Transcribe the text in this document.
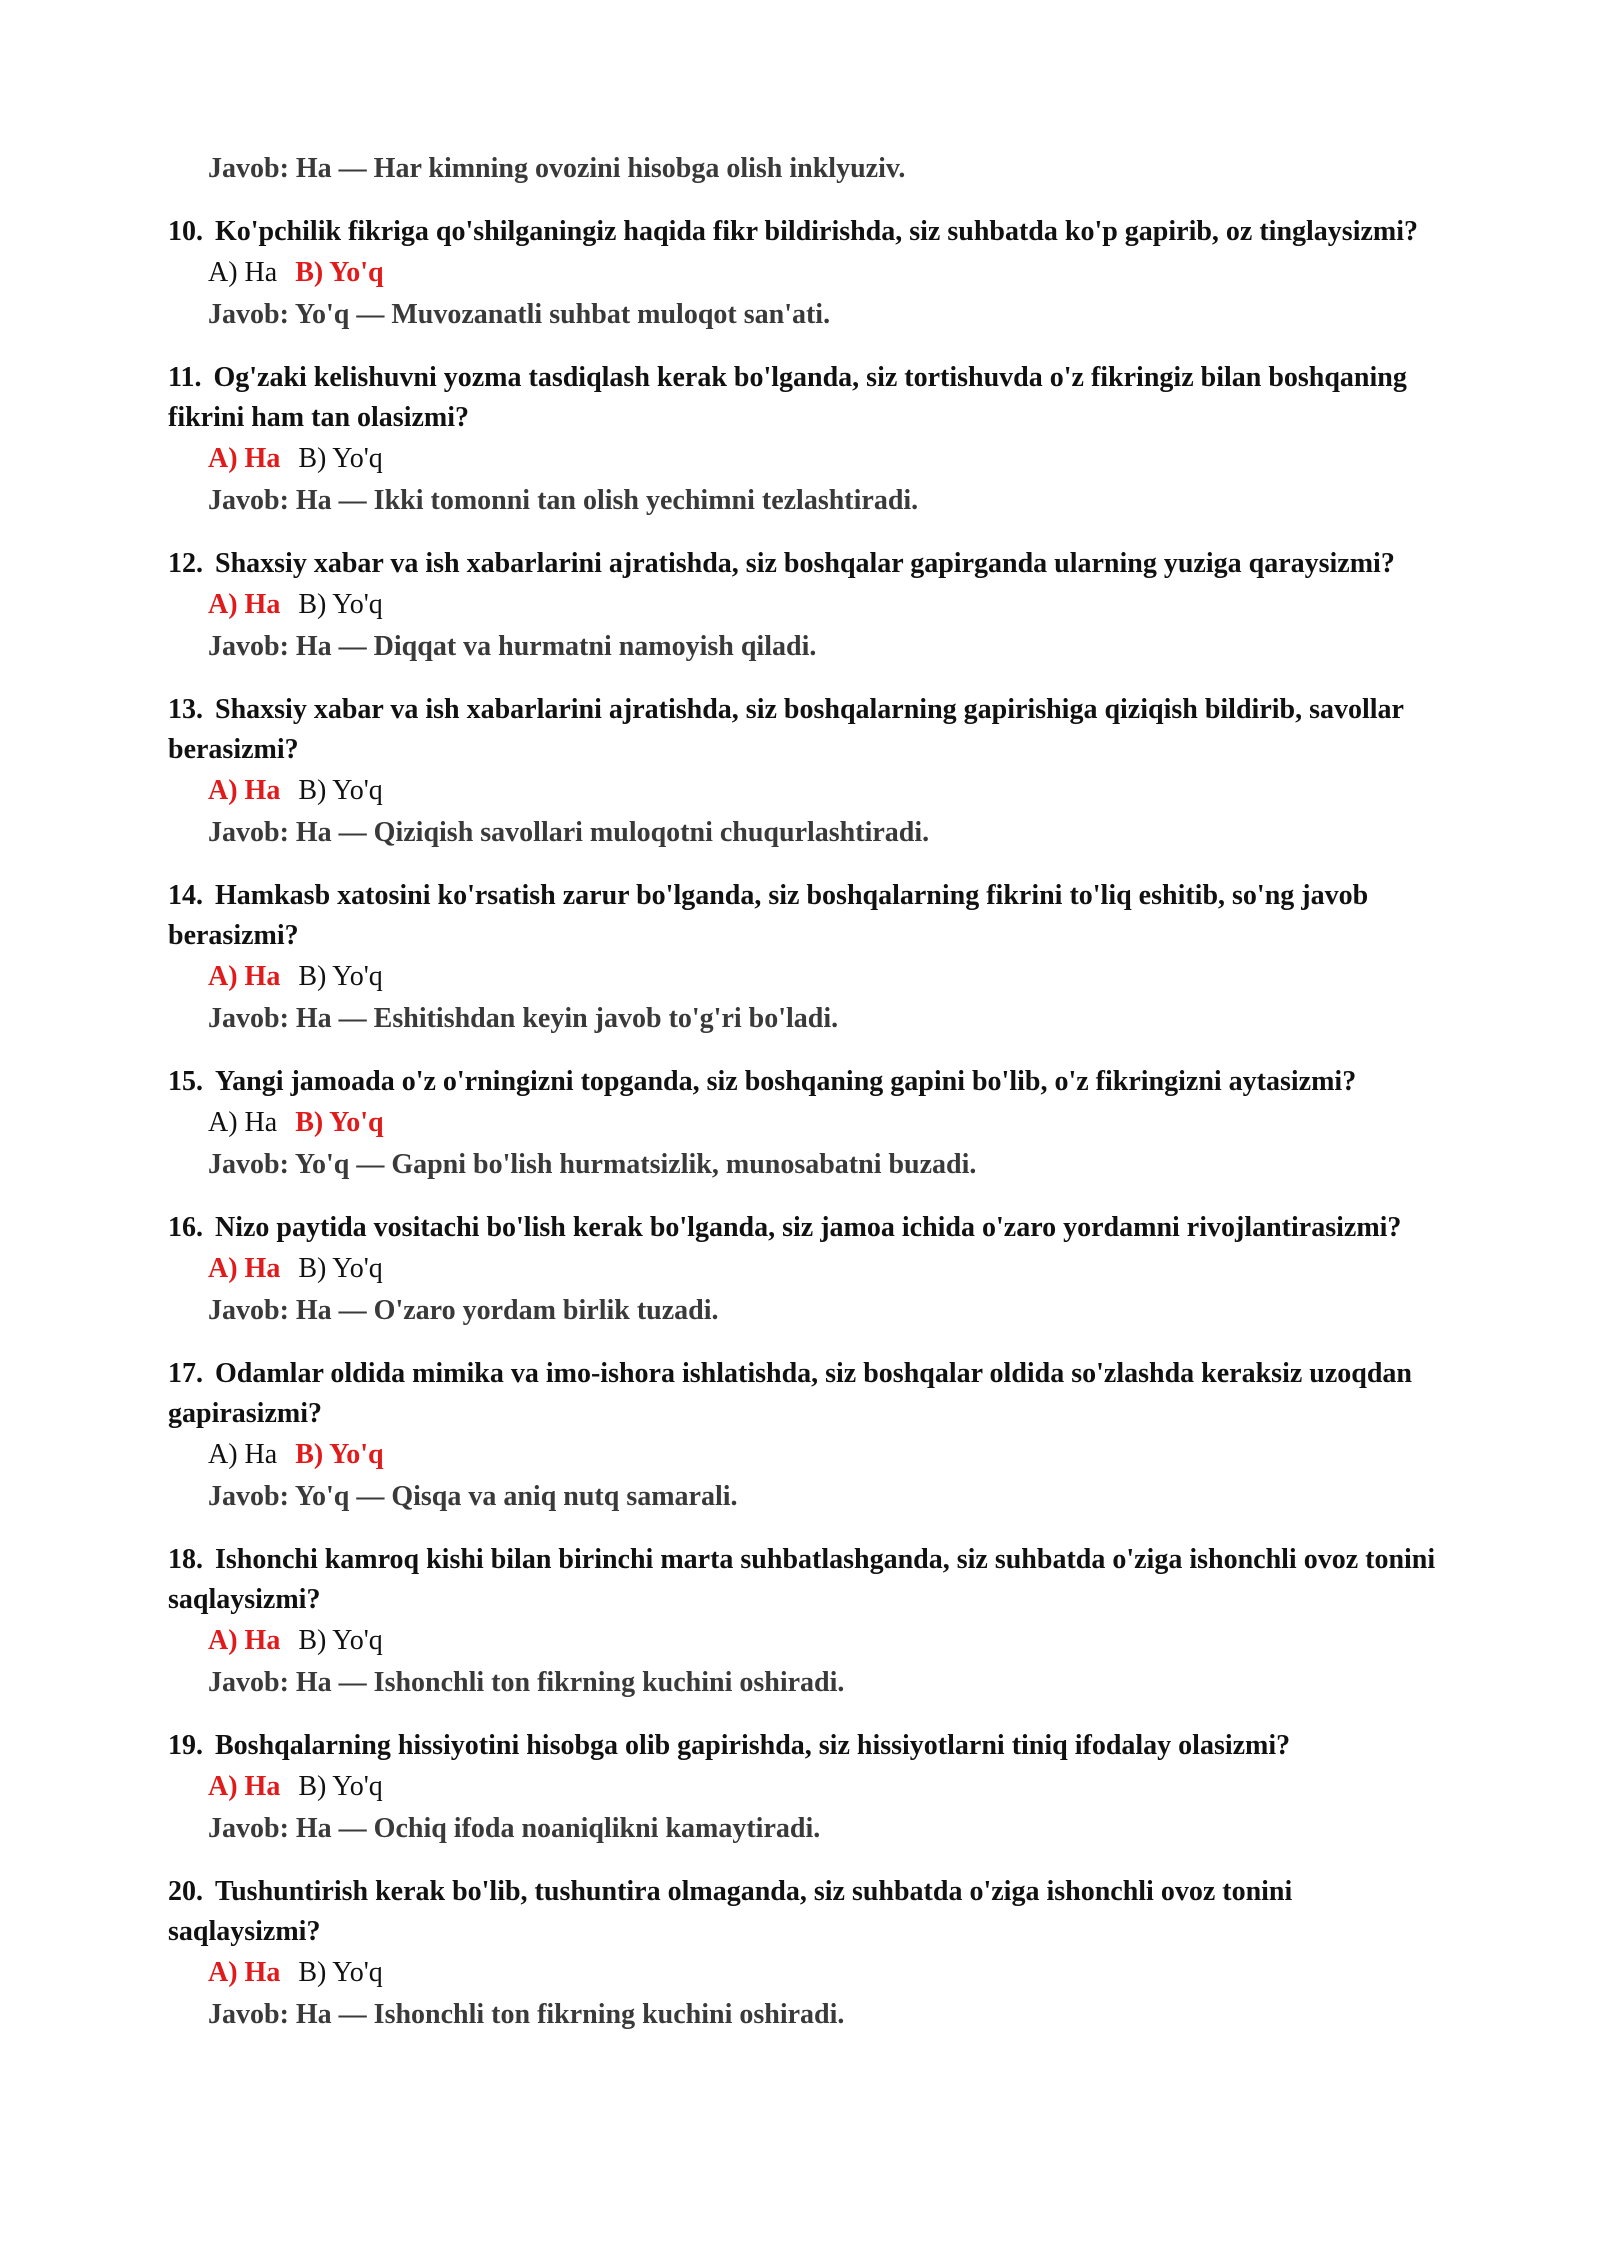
Javob: Ha — Har kimning ovozini hisobga olish inklyuziv.

10. Ko'pchilik fikriga qo'shilganingiz haqida fikr bildirishda, siz suhbatda ko'p gapirib, oz tinglaysizmi?

A) Ha B) Yo'q
Javob: Yo'q — Muvozanatli suhbat muloqot san'ati.

11. Og'zaki kelishuvni yozma tasdiqlash kerak bo'lganda, siz tortishuvda o'z fikringiz bilan boshqaning fikrini ham tan olasizmi?

A) Ha B) Yo'q
Javob: Ha — Ikki tomonni tan olish yechimni tezlashtiradi.

12. Shaxsiy xabar va ish xabarlarini ajratishda, siz boshqalar gapirganda ularning yuziga qaraysizmi?

A) Ha B) Yo'q
Javob: Ha — Diqqat va hurmatni namoyish qiladi.

13. Shaxsiy xabar va ish xabarlarini ajratishda, siz boshqalarning gapirishiga qiziqish bildirib, savollar berasizmi?

A) Ha B) Yo'q
Javob: Ha — Qiziqish savollari muloqotni chuqurlashtiradi.

14. Hamkasb xatosini ko'rsatish zarur bo'lganda, siz boshqalarning fikrini to'liq eshitib, so'ng javob berasizmi?

A) Ha B) Yo'q
Javob: Ha — Eshitishdan keyin javob to'g'ri bo'ladi.

15. Yangi jamoada o'z o'rningizni topganda, siz boshqaning gapini bo'lib, o'z fikringizni aytasizmi?

A) Ha B) Yo'q
Javob: Yo'q — Gapni bo'lish hurmatsizlik, munosabatni buzadi.

16. Nizo paytida vositachi bo'lish kerak bo'lganda, siz jamoa ichida o'zaro yordamni rivojlantirasizmi?

A) Ha B) Yo'q
Javob: Ha — O'zaro yordam birlik tuzadi.

17. Odamlar oldida mimika va imo-ishora ishlatishda, siz boshqalar oldida so'zlashda keraksiz uzoqdan gapirasizmi?

A) Ha B) Yo'q
Javob: Yo'q — Qisqa va aniq nutq samarali.

18. Ishonchi kamroq kishi bilan birinchi marta suhbatlashganda, siz suhbatda o'ziga ishonchli ovoz tonini saqlaysizmi?

A) Ha B) Yo'q
Javob: Ha — Ishonchli ton fikrning kuchini oshiradi.

19. Boshqalarning hissiyotini hisobga olib gapirishda, siz hissiyotlarni tiniq ifodalay olasizmi?

A) Ha B) Yo'q
Javob: Ha — Ochiq ifoda noaniqlikni kamaytiradi.

20. Tushuntirish kerak bo'lib, tushuntira olmaganda, siz suhbatda o'ziga ishonchli ovoz tonini saqlaysizmi?

A) Ha B) Yo'q
Javob: Ha — Ishonchli ton fikrning kuchini oshiradi.
